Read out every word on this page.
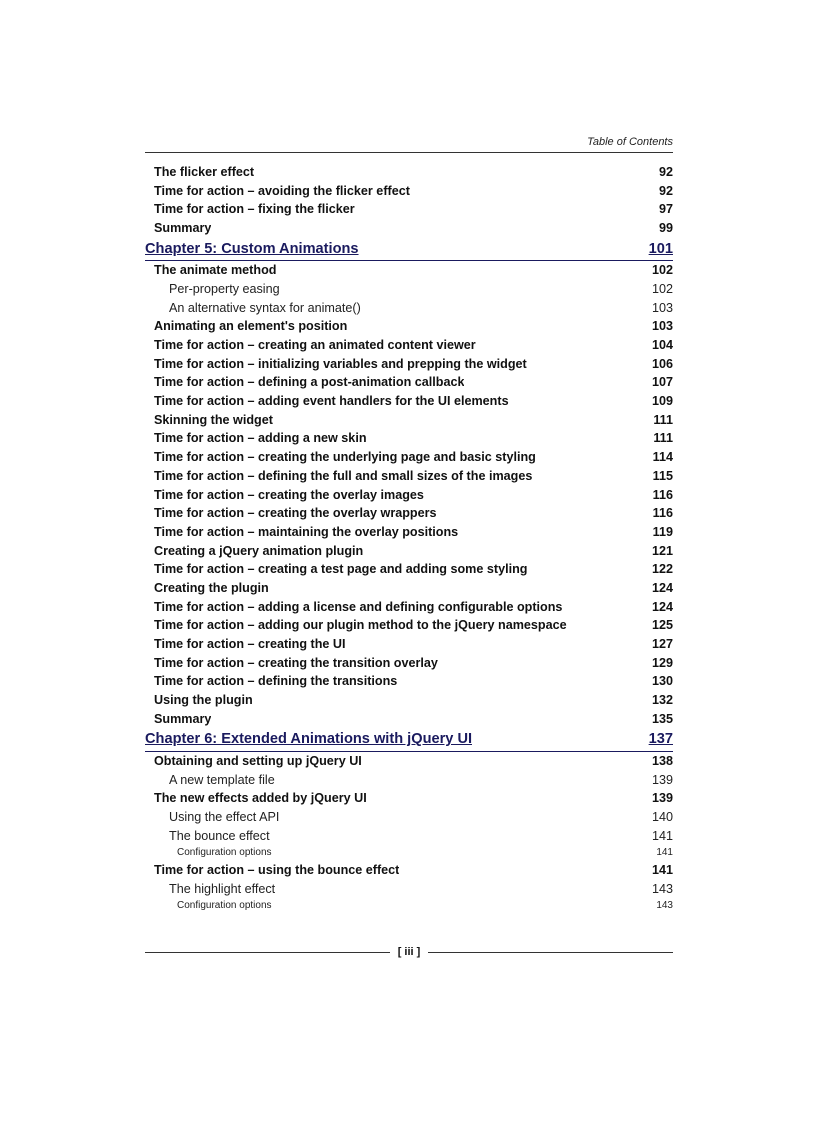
Table of Contents
The flicker effect	92
Time for action – avoiding the flicker effect	92
Time for action – fixing the flicker	97
Summary	99
Chapter 5: Custom Animations	101
The animate method	102
Per-property easing	102
An alternative syntax for animate()	103
Animating an element's position	103
Time for action – creating an animated content viewer	104
Time for action – initializing variables and prepping the widget	106
Time for action – defining a post-animation callback	107
Time for action – adding event handlers for the UI elements	109
Skinning the widget	111
Time for action – adding a new skin	111
Time for action – creating the underlying page and basic styling	114
Time for action – defining the full and small sizes of the images	115
Time for action – creating the overlay images	116
Time for action – creating the overlay wrappers	116
Time for action – maintaining the overlay positions	119
Creating a jQuery animation plugin	121
Time for action – creating a test page and adding some styling	122
Creating the plugin	124
Time for action – adding a license and defining configurable options	124
Time for action – adding our plugin method to the jQuery namespace	125
Time for action – creating the UI	127
Time for action – creating the transition overlay	129
Time for action – defining the transitions	130
Using the plugin	132
Summary	135
Chapter 6: Extended Animations with jQuery UI	137
Obtaining and setting up jQuery UI	138
A new template file	139
The new effects added by jQuery UI	139
Using the effect API	140
The bounce effect	141
Configuration options	141
Time for action – using the bounce effect	141
The highlight effect	143
Configuration options	143
[ iii ]
